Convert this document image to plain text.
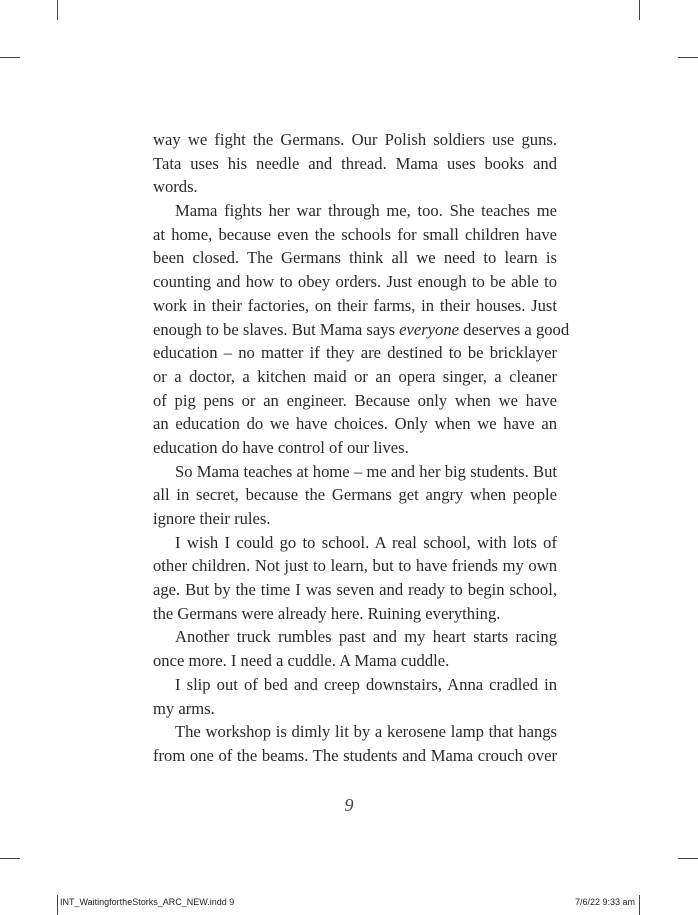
way we fight the Germans. Our Polish soldiers use guns.
Tata uses his needle and thread. Mama uses books and
words.
Mama fights her war through me, too. She teaches me
at home, because even the schools for small children have
been closed. The Germans think all we need to learn is
counting and how to obey orders. Just enough to be able to
work in their factories, on their farms, in their houses. Just
enough to be slaves. But Mama says everyone deserves a good
education – no matter if they are destined to be bricklayer
or a doctor, a kitchen maid or an opera singer, a cleaner
of pig pens or an engineer. Because only when we have
an education do we have choices. Only when we have an
education do have control of our lives.
So Mama teaches at home – me and her big students. But
all in secret, because the Germans get angry when people
ignore their rules.
I wish I could go to school. A real school, with lots of
other children. Not just to learn, but to have friends my own
age. But by the time I was seven and ready to begin school,
the Germans were already here. Ruining everything.
Another truck rumbles past and my heart starts racing
once more. I need a cuddle. A Mama cuddle.
I slip out of bed and creep downstairs, Anna cradled in
my arms.
The workshop is dimly lit by a kerosene lamp that hangs
from one of the beams. The students and Mama crouch over
9
INT_WaitingfortheStorks_ARC_NEW.indd 9	7/6/22 9:33 am
